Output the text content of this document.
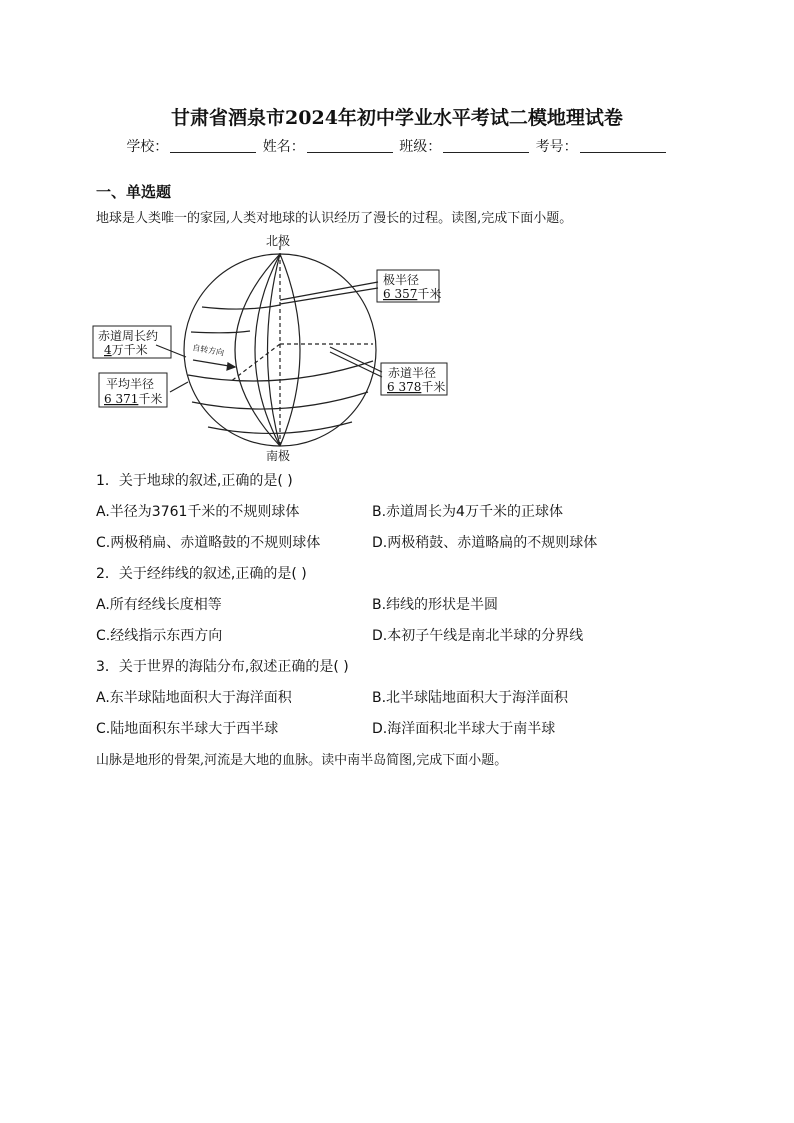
甘肃省酒泉市2024年初中学业水平考试二模地理试卷
学校：	姓名：	班级：	考号：
一、单选题
地球是人类唯一的家园,人类对地球的认识经历了漫长的过程。读图,完成下面小题。
北极
南极
极半径
6 357千米
赤道周长约
4万千米
平均半径
6 371千米
赤道半径
6 378千米
自转方向
1．关于地球的叙述,正确的是( )
A.半径为3761千米的不规则球体	B.赤道周长为4万千米的正球体
C.两极稍扁、赤道略鼓的不规则球体	D.两极稍鼓、赤道略扁的不规则球体
2．关于经纬线的叙述,正确的是( )
A.所有经线长度相等	B.纬线的形状是半圆
C.经线指示东西方向	D.本初子午线是南北半球的分界线
3．关于世界的海陆分布,叙述正确的是( )
A.东半球陆地面积大于海洋面积	B.北半球陆地面积大于海洋面积
C.陆地面积东半球大于西半球	D.海洋面积北半球大于南半球
山脉是地形的骨架,河流是大地的血脉。读中南半岛简图,完成下面小题。
